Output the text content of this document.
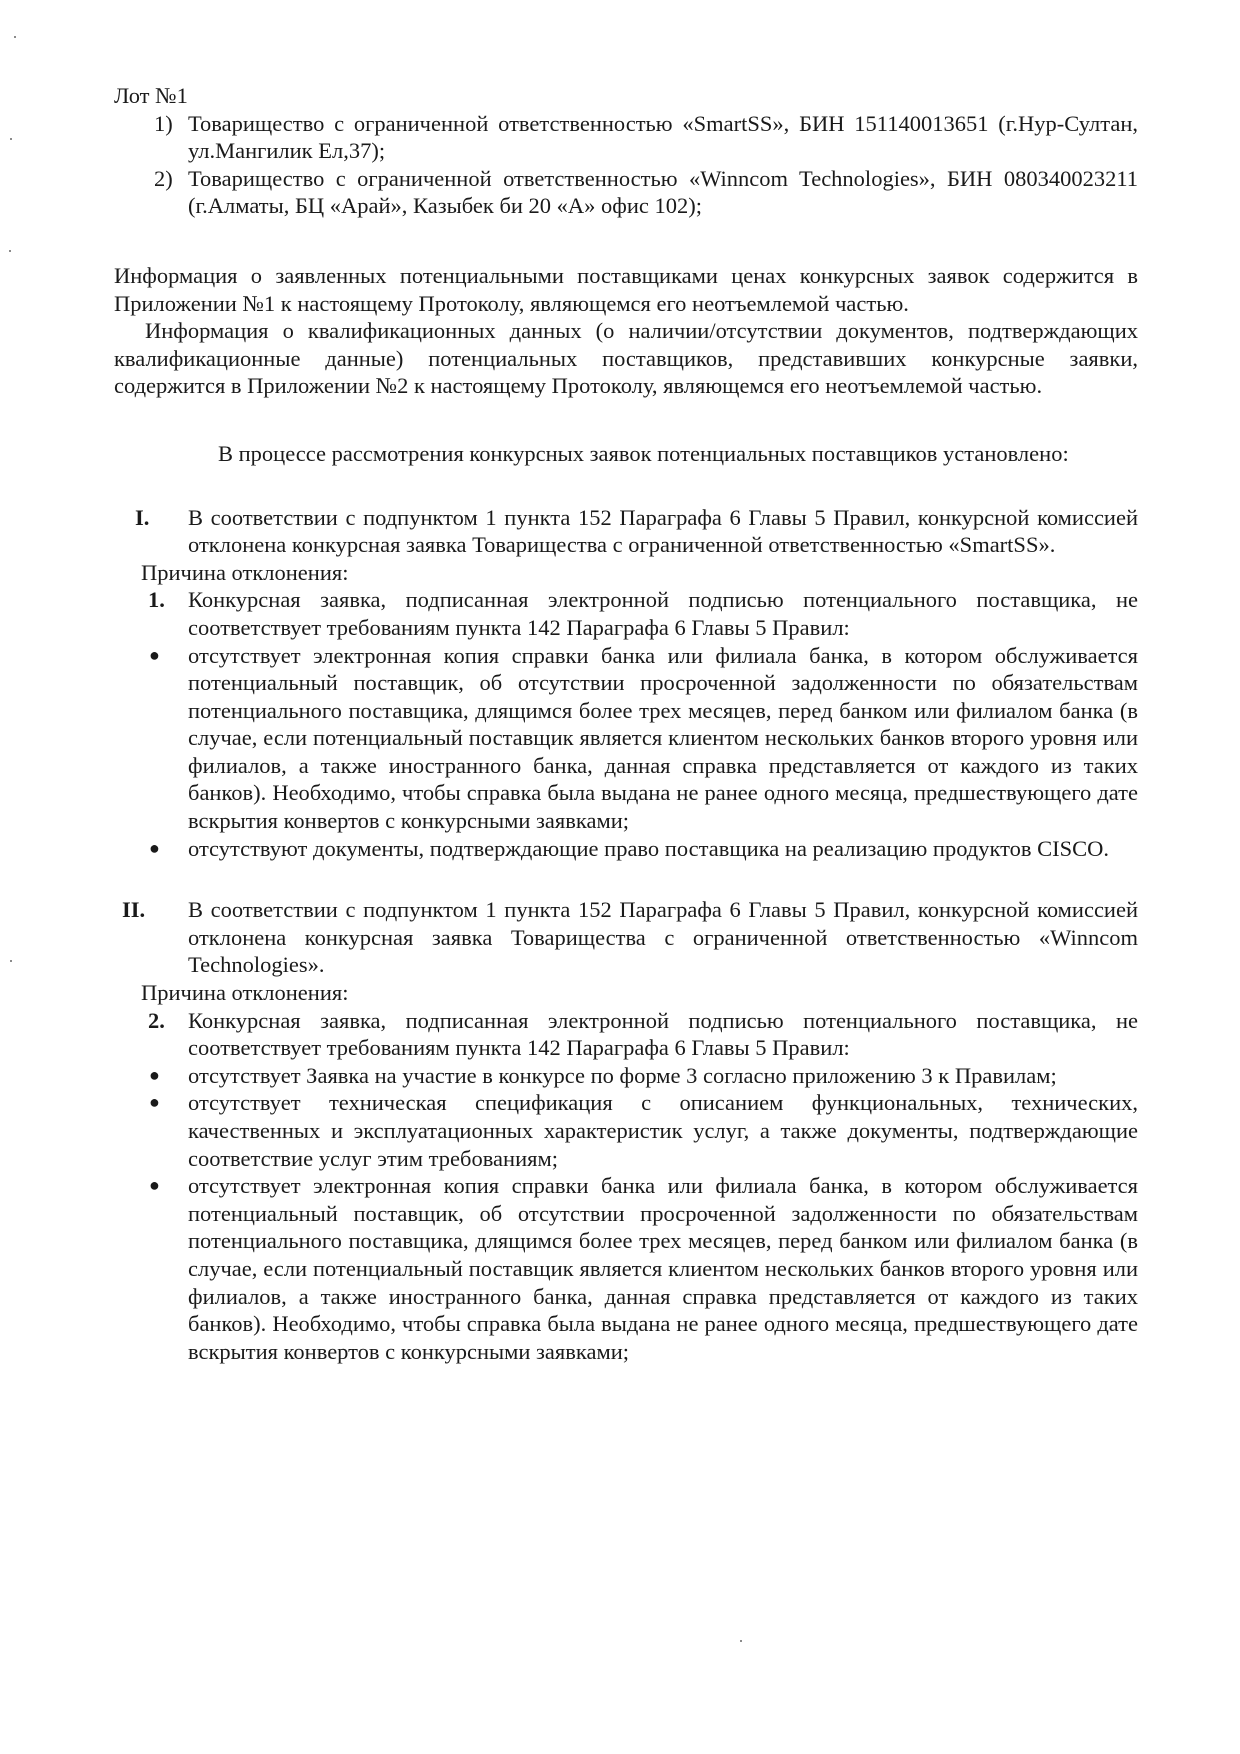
Лот №1

1) Товарищество с ограниченной ответственностью «SmartSS», БИН 151140013651 (г.Нур-Султан, ул.Мангилик Ел,37);
2) Товарищество с ограниченной ответственностью «Winncom Technologies», БИН 080340023211 (г.Алматы, БЦ «Арай», Казыбек би 20 «А» офис 102);

Информация о заявленных потенциальными поставщиками ценах конкурсных заявок содержится в Приложении №1 к настоящему Протоколу, являющемся его неотъемлемой частью.

Информация о квалификационных данных (о наличии/отсутствии документов, подтверждающих квалификационные данные) потенциальных поставщиков, представивших конкурсные заявки, содержится в Приложении №2 к настоящему Протоколу, являющемся его неотъемлемой частью.

В процессе рассмотрения конкурсных заявок потенциальных поставщиков установлено:

I. В соответствии с подпунктом 1 пункта 152 Параграфа 6 Главы 5 Правил, конкурсной комиссией отклонена конкурсная заявка Товарищества с ограниченной ответственностью «SmartSS».

Причина отклонения:

1. Конкурсная заявка, подписанная электронной подписью потенциального поставщика, не соответствует требованиям пункта 142 Параграфа 6 Главы 5 Правил:
● отсутствует электронная копия справки банка или филиала банка, в котором обслуживается потенциальный поставщик, об отсутствии просроченной задолженности по обязательствам потенциального поставщика, длящимся более трех месяцев, перед банком или филиалом банка (в случае, если потенциальный поставщик является клиентом нескольких банков второго уровня или филиалов, а также иностранного банка, данная справка представляется от каждого из таких банков). Необходимо, чтобы справка была выдана не ранее одного месяца, предшествующего дате вскрытия конвертов с конкурсными заявками;
● отсутствуют документы, подтверждающие право поставщика на реализацию продуктов CISCO.
II. В соответствии с подпунктом 1 пункта 152 Параграфа 6 Главы 5 Правил, конкурсной комиссией отклонена конкурсная заявка Товарищества с ограниченной ответственностью «Winncom Technologies».

Причина отклонения:

2. Конкурсная заявка, подписанная электронной подписью потенциального поставщика, не соответствует требованиям пункта 142 Параграфа 6 Главы 5 Правил:
● отсутствует Заявка на участие в конкурсе по форме 3 согласно приложению 3 к Правилам;
● отсутствует техническая спецификация с описанием функциональных, технических, качественных и эксплуатационных характеристик услуг, а также документы, подтверждающие соответствие услуг этим требованиям;
● отсутствует электронная копия справки банка или филиала банка, в котором обслуживается потенциальный поставщик, об отсутствии просроченной задолженности по обязательствам потенциального поставщика, длящимся более трех месяцев, перед банком или филиалом банка (в случае, если потенциальный поставщик является клиентом нескольких банков второго уровня или филиалов, а также иностранного банка, данная справка представляется от каждого из таких банков). Необходимо, чтобы справка была выдана не ранее одного месяца, предшествующего дате вскрытия конвертов с конкурсными заявками;
